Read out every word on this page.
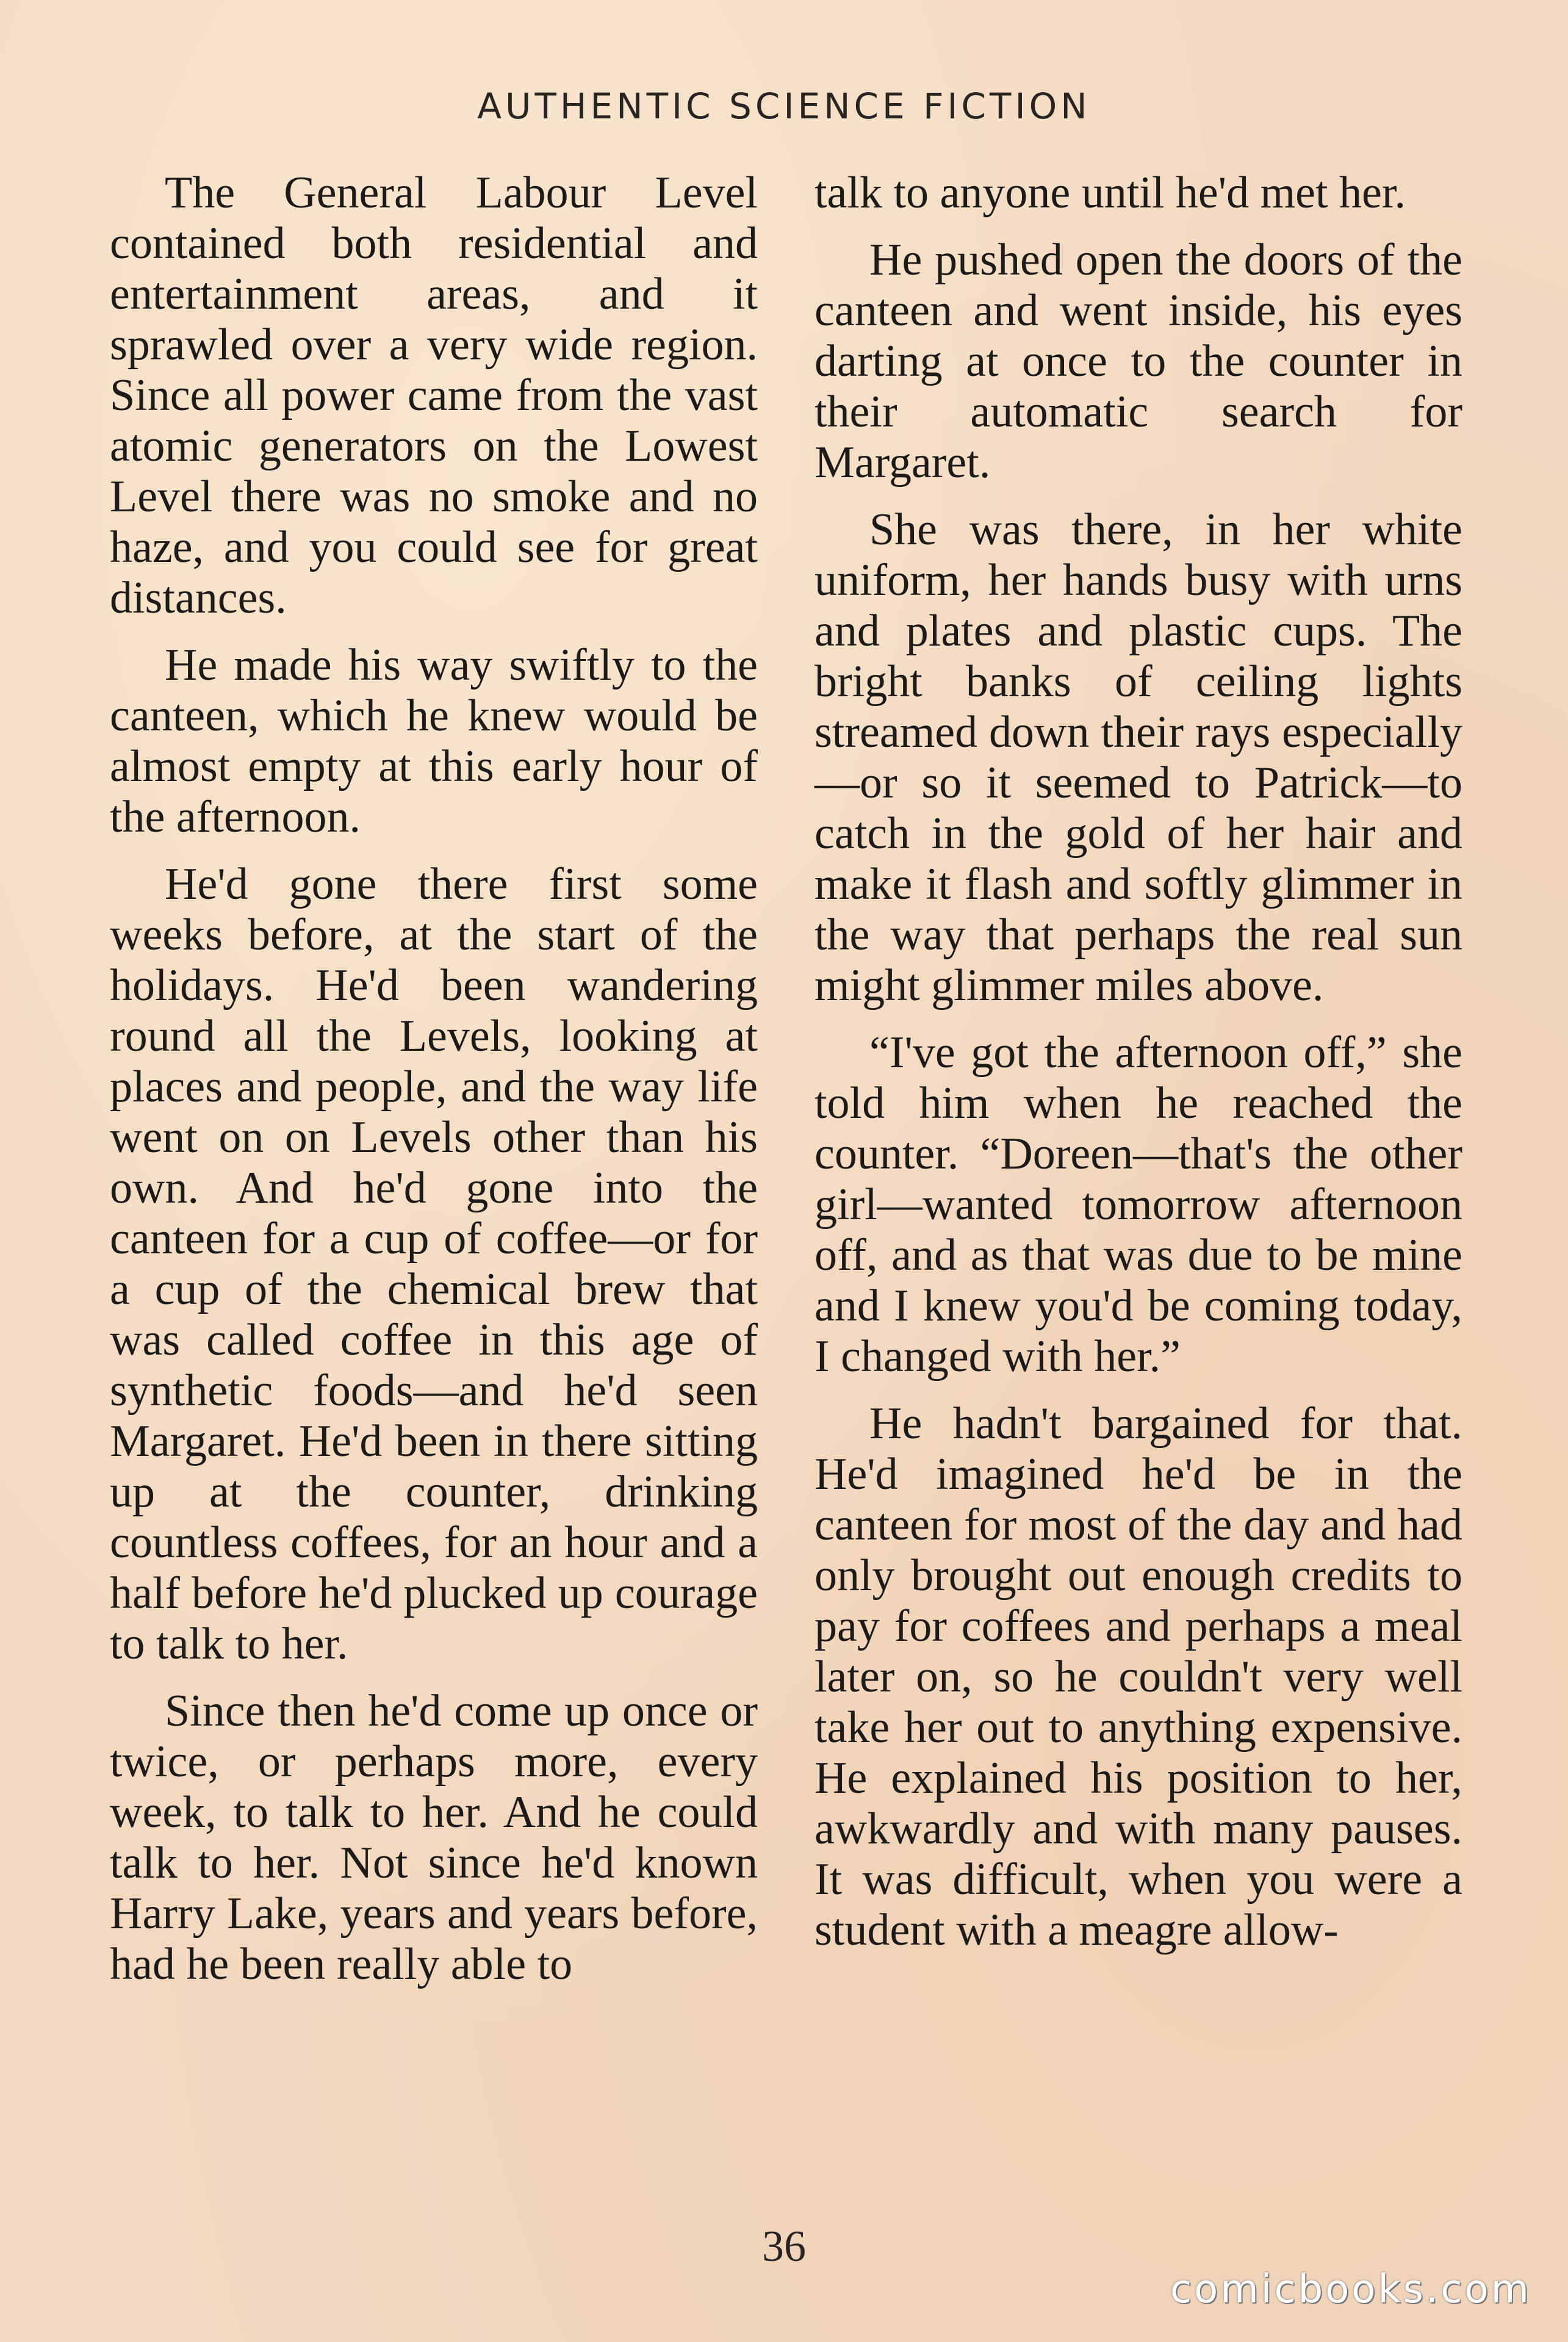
AUTHENTIC SCIENCE FICTION

The General Labour Level contained both residential and entertainment areas, and it sprawled over a very wide region. Since all power came from the vast atomic generators on the Lowest Level there was no smoke and no haze, and you could see for great distances.

He made his way swiftly to the canteen, which he knew would be almost empty at this early hour of the afternoon.

He'd gone there first some weeks before, at the start of the holidays. He'd been wandering round all the Levels, looking at places and people, and the way life went on on Levels other than his own. And he'd gone into the canteen for a cup of coffee—or for a cup of the chemical brew that was called coffee in this age of synthetic foods—and he'd seen Margaret. He'd been in there sitting up at the counter, drinking countless coffees, for an hour and a half before he'd plucked up courage to talk to her.

Since then he'd come up once or twice, or perhaps more, every week, to talk to her. And he could talk to her. Not since he'd known Harry Lake, years and years before, had he been really able to

talk to anyone until he'd met her.

He pushed open the doors of the canteen and went inside, his eyes darting at once to the counter in their automatic search for Margaret.

She was there, in her white uniform, her hands busy with urns and plates and plastic cups. The bright banks of ceiling lights streamed down their rays especially—or so it seemed to Patrick—to catch in the gold of her hair and make it flash and softly glimmer in the way that perhaps the real sun might glimmer miles above.

“I've got the afternoon off,” she told him when he reached the counter. “Doreen—that's the other girl—wanted tomorrow afternoon off, and as that was due to be mine and I knew you'd be coming today, I changed with her.”

He hadn't bargained for that. He'd imagined he'd be in the canteen for most of the day and had only brought out enough credits to pay for coffees and perhaps a meal later on, so he couldn't very well take her out to anything expensive. He explained his position to her, awkwardly and with many pauses. It was difficult, when you were a student with a meagre allow-

36
comicbooks.com
